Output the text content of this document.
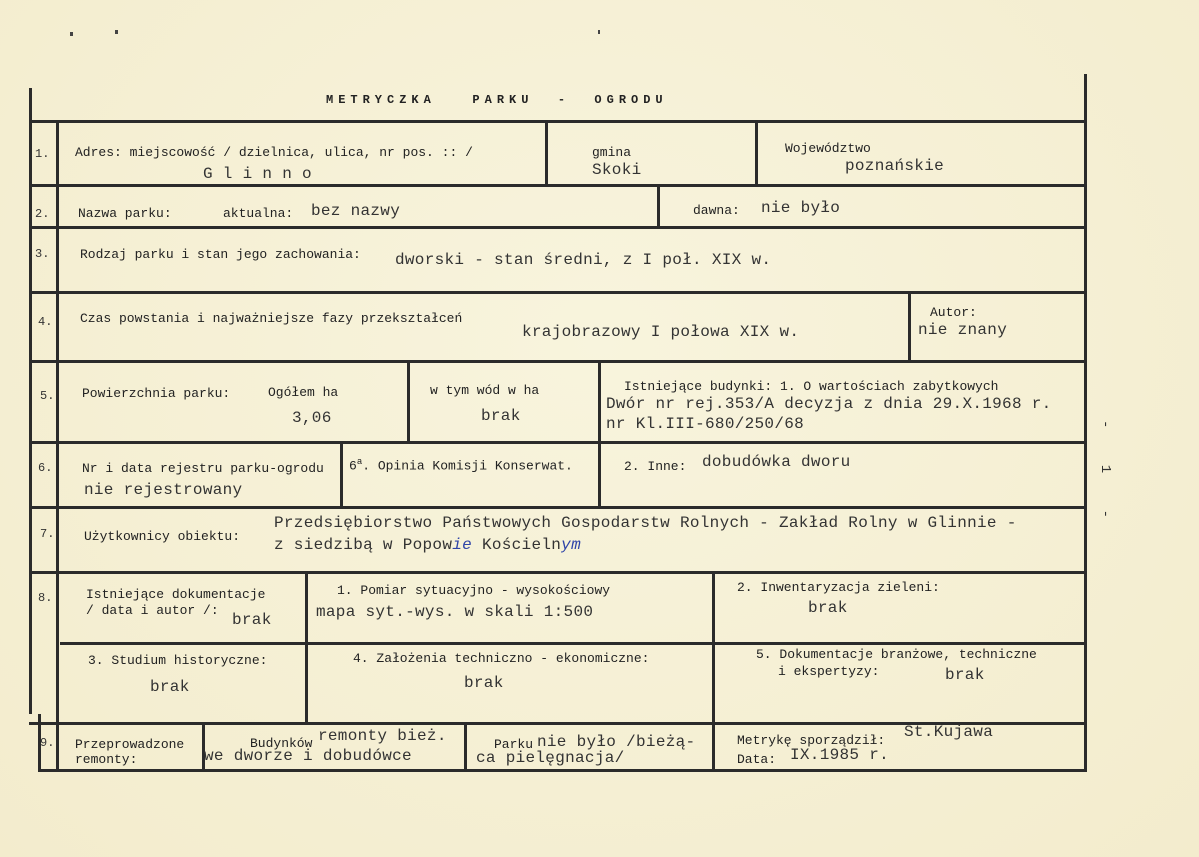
METRYCZKA   PARKU  -  OGRODU
1. Adres: miejscowość / dzielnica, ulica, nr pos. :: /
G l i n n o
gmina
Skoki
Województwo
poznańskie
2. Nazwa parku:	aktualna: bez nazwy	dawna: nie było
3. Rodzaj parku i stan jego zachowania: dworski - stan średni, z I poł. XIX w.
4. Czas powstania i najważniejsze fazy przekształceń
krajobrazowy I połowa XIX w.
Autor:
nie znany
5. Powierzchnia parku:	Ogółem ha
3,06
w tym wód w ha
brak
Istniejące budynki: 1. O wartościach zabytkowych
Dwór nr rej.353/A decyzja z dnia 29.X.1968 r.
nr Kl.III-680/250/68
6. Nr i data rejestru parku-ogrodu
nie rejestrowany
6$^a$. Opinia Komisji Konserwat.	2. Inne: dobudówka dworu
7. Użytkownicy obiektu:
Przedsiębiorstwo Państwowych Gospodarstw Rolnych - Zakład Rolny w Glinnie -
z siedzibą w Popowie Kościelnym
8.	Istniejące dokumentacje
/ data i autor /:
brak
1. Pomiar sytuacyjno - wysokościowy
mapa syt.-wys. w skali 1:500
2. Inwentaryzacja zieleni:
brak
3. Studium historyczne:
brak
4. Założenia techniczno - ekonomiczne:
brak
5. Dokumentacje branżowe, techniczne
i ekspertyzy:	brak
9. Przeprowadzone
remonty:
Budynków remonty bież.
we dworze i dobudówce
Parku nie było /bieżą-
ca pielęgnacja/
Metrykę sporządził: St.Kujawa
Data: IX.1985 r.
- 1 -
